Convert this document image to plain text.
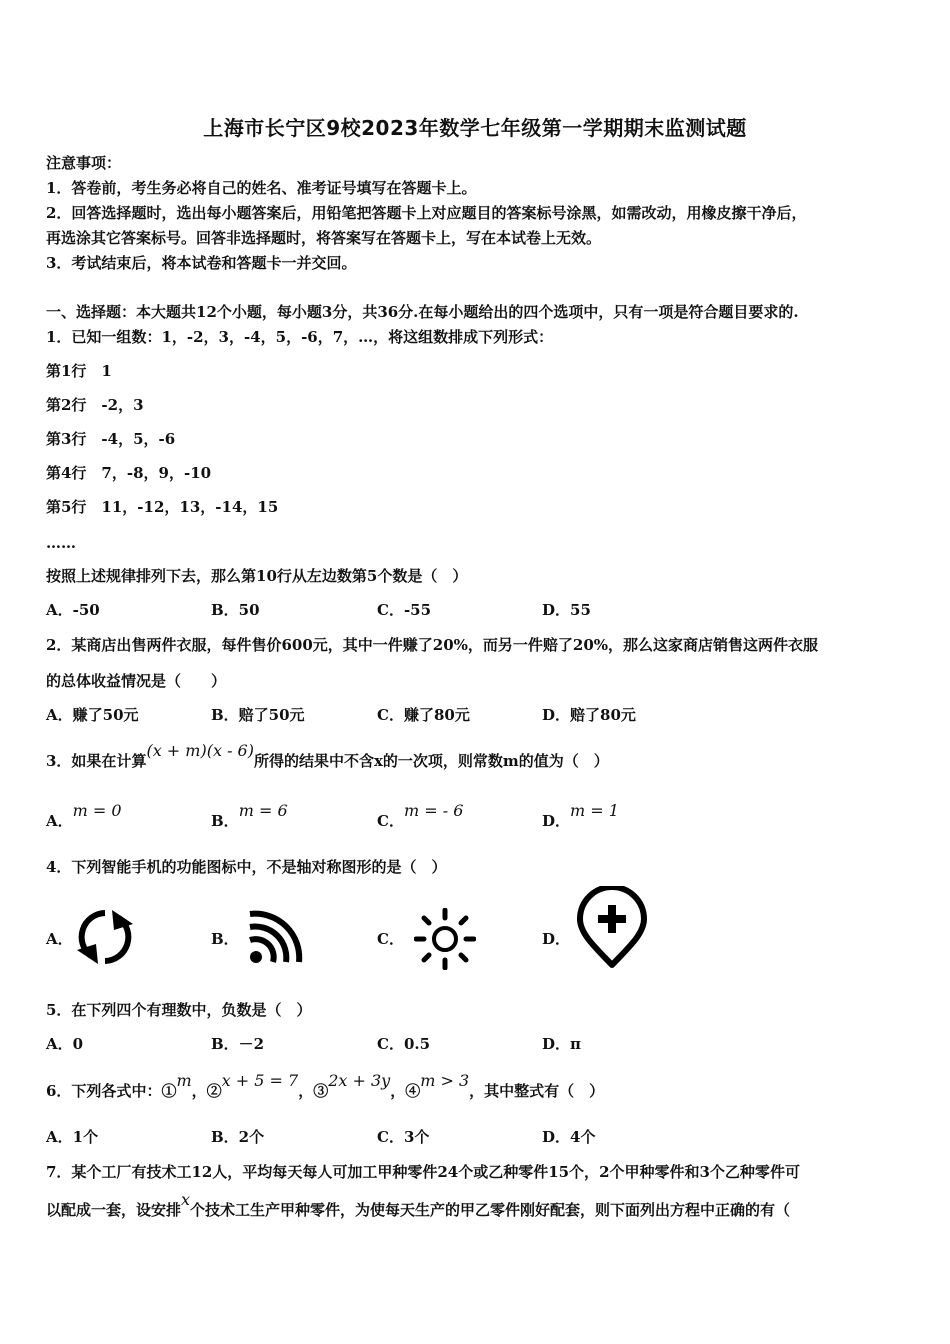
上海市长宁区9校2023年数学七年级第一学期期末监测试题
注意事项：
1．答卷前，考生务必将自己的姓名、准考证号填写在答题卡上。
2．回答选择题时，选出每小题答案后，用铅笔把答题卡上对应题目的答案标号涂黑，如需改动，用橡皮擦干净后，
再选涂其它答案标号。回答非选择题时，将答案写在答题卡上，写在本试卷上无效。
3．考试结束后，将本试卷和答题卡一并交回。
一、选择题：本大题共12个小题，每小题3分，共36分.在每小题给出的四个选项中，只有一项是符合题目要求的.
1．已知一组数：1，-2，3，-4，5，-6，7，…，将这组数排成下列形式：
第1行　1
第2行　-2，3
第3行　-4，5，-6
第4行　7，-8，9，-10
第5行　11，-12，13，-14，15
……
按照上述规律排列下去，那么第10行从左边数第5个数是（　）
A．-50	B．50	C．-55	D．55
2．某商店出售两件衣服，每件售价600元，其中一件赚了20%，而另一件赔了20%，那么这家商店销售这两件衣服
的总体收益情况是（　　）
A．赚了50元	B．赔了50元	C．赚了80元	D．赔了80元
3．如果在计算(x + m)(x - 6)所得的结果中不含x的一次项，则常数m的值为（　）
A．m = 0
B．m = 6
C．m = - 6
D．m = 1
4．下列智能手机的功能图标中，不是轴对称图形的是（　）
A．	B．	C．	D．
5．在下列四个有理数中，负数是（　）
A．0	B．－2	C．0.5	D．π
6．下列各式中：①m，②x + 5 = 7，③2x + 3y，④m > 3，其中整式有（　）
A．1个	B．2个	C．3个	D．4个
7．某个工厂有技术工12人，平均每天每人可加工甲种零件24个或乙种零件15个，2个甲种零件和3个乙种零件可
以配成一套，设安排x个技术工生产甲种零件，为使每天生产的甲乙零件刚好配套，则下面列出方程中正确的有（
